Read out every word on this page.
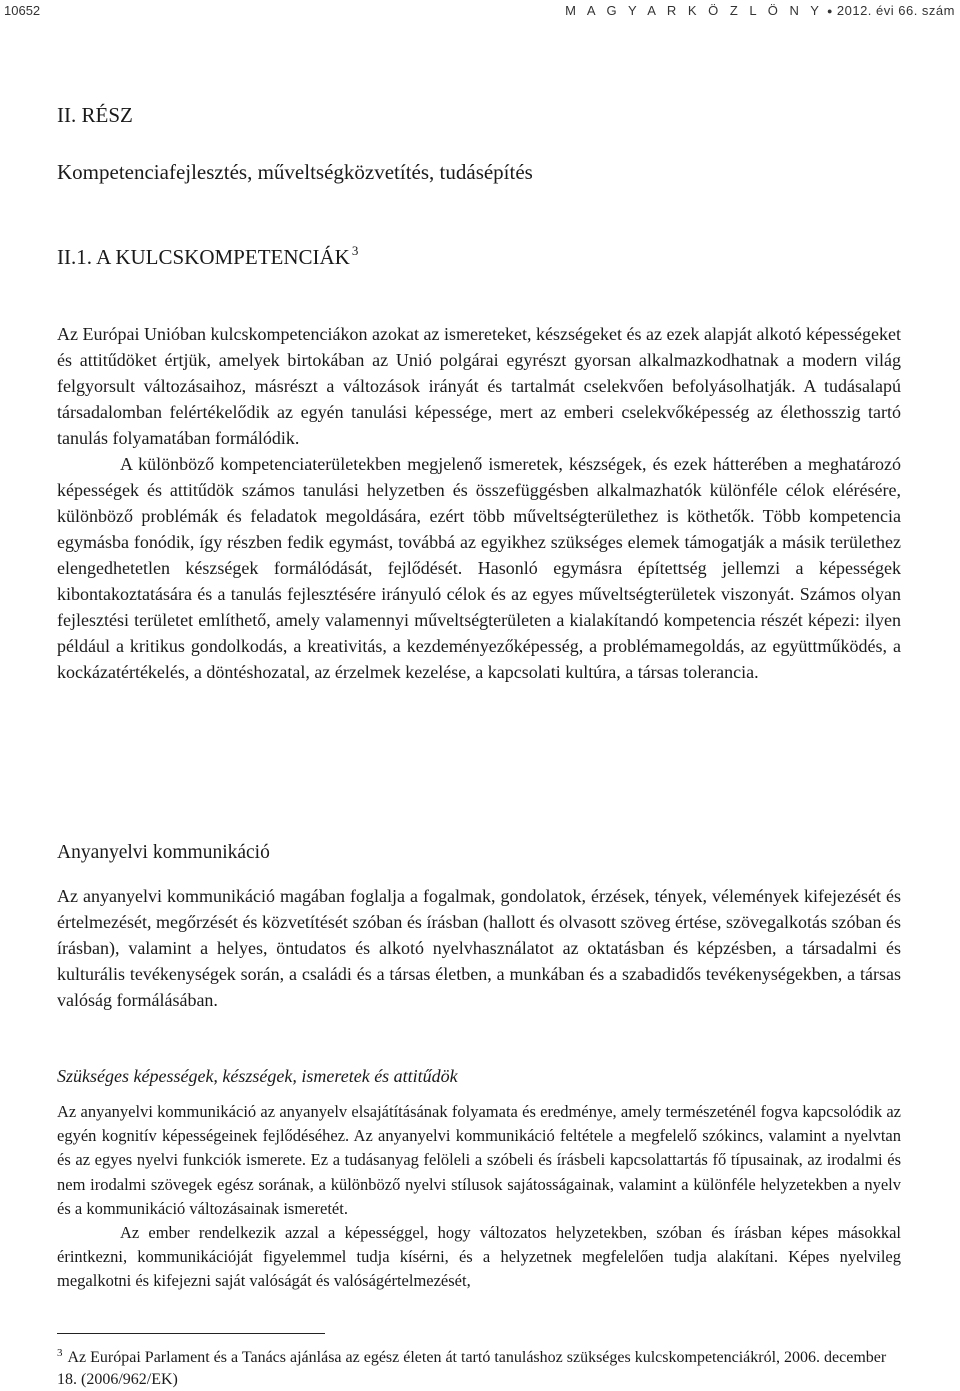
10652	M A G Y A R K Ö Z L Ö N Y ● 2012. évi 66. szám
II. RÉSZ
Kompetenciafejlesztés, műveltségközvetítés, tudásépítés
II.1. A KULCSKOMPETENCIÁK $^3$

Az Európai Unióban kulcskompetenciákon azokat az ismereteket, készségeket és az ezek alapját alkotó képességeket és attitűdöket értjük, amelyek birtokában az Unió polgárai egyrészt gyorsan alkalmazkodhatnak a modern világ felgyorsult változásaihoz, másrészt a változások irányát és tartalmát cselekvően befolyásolhatják. A tudásalapú társadalomban felértékelődik az egyén tanulási képessége, mert az emberi cselekvőképesség az élethosszig tartó tanulás folyamatában formálódik.

A különböző kompetenciaterületekben megjelenő ismeretek, készségek, és ezek hátterében a meghatározó képességek és attitűdök számos tanulási helyzetben és összefüggésben alkalmazhatók különféle célok elérésére, különböző problémák és feladatok megoldására, ezért több műveltségterülethez is köthetők. Több kompetencia egymásba fonódik, így részben fedik egymást, továbbá az egyikhez szükséges elemek támogatják a másik területhez elengedhetetlen készségek formálódását, fejlődését. Hasonló egymásra építettség jellemzi a képességek kibontakoztatására és a tanulás fejlesztésére irányuló célok és az egyes műveltségterületek viszonyát. Számos olyan fejlesztési területet említhető, amely valamennyi műveltségterületen a kialakítandó kompetencia részét képezi: ilyen például a kritikus gondolkodás, a kreativitás, a kezdeményezőképesség, a problémamegoldás, az együttműködés, a kockázatértékelés, a döntéshozatal, az érzelmek kezelése, a kapcsolati kultúra, a társas tolerancia.

Anyanyelvi kommunikáció

Az anyanyelvi kommunikáció magában foglalja a fogalmak, gondolatok, érzések, tények, vélemények kifejezését és értelmezését, megőrzését és közvetítését szóban és írásban (hallott és olvasott szöveg értése, szövegalkotás szóban és írásban), valamint a helyes, öntudatos és alkotó nyelvhasználatot az oktatásban és képzésben, a társadalmi és kulturális tevékenységek során, a családi és a társas életben, a munkában és a szabadidős tevékenységekben, a társas valóság formálásában.

Szükséges képességek, készségek, ismeretek és attitűdök

Az anyanyelvi kommunikáció az anyanyelv elsajátításának folyamata és eredménye, amely természeténél fogva kapcsolódik az egyén kognitív képességeinek fejlődéséhez. Az anyanyelvi kommunikáció feltétele a megfelelő szókincs, valamint a nyelvtan és az egyes nyelvi funkciók ismerete. Ez a tudásanyag felöleli a szóbeli és írásbeli kapcsolattartás fő típusainak, az irodalmi és nem irodalmi szövegek egész sorának, a különböző nyelvi stílusok sajátosságainak, valamint a különféle helyzetekben a nyelv és a kommunikáció változásainak ismeretét.

Az ember rendelkezik azzal a képességgel, hogy változatos helyzetekben, szóban és írásban képes másokkal érintkezni, kommunikációját figyelemmel tudja kísérni, és a helyzetnek megfelelően tudja alakítani. Képes nyelvileg megalkotni és kifejezni saját valóságát és valóságértelmezését,

$^3$ Az Európai Parlament és a Tanács ajánlása az egész életen át tartó tanuláshoz szükséges kulcskompetenciákról, 2006. december 18. (2006/962/EK)
